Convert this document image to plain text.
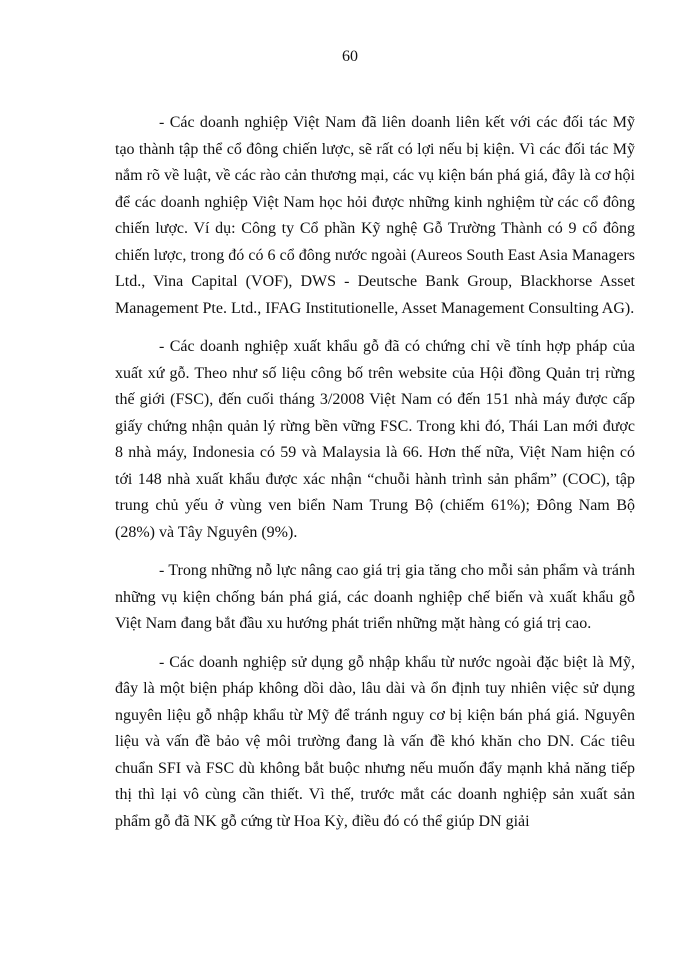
60

- Các doanh nghiệp Việt Nam đã liên doanh liên kết với các đối tác Mỹ tạo thành tập thể cổ đông chiến lược, sẽ rất có lợi nếu bị kiện. Vì các đối tác Mỹ nắm rõ về luật, về các rào cản thương mại, các vụ kiện bán phá giá, đây là cơ hội để các doanh nghiệp Việt Nam học hỏi được những kinh nghiệm từ các cổ đông chiến lược. Ví dụ: Công ty Cổ phần Kỹ nghệ Gỗ Trường Thành có 9 cổ đông chiến lược, trong đó có 6 cổ đông nước ngoài (Aureos South East Asia Managers Ltd., Vina Capital (VOF), DWS - Deutsche Bank Group, Blackhorse Asset Management Pte. Ltd., IFAG Institutionelle, Asset Management Consulting AG).

- Các doanh nghiệp xuất khẩu gỗ đã có chứng chỉ về tính hợp pháp của xuất xứ gỗ. Theo như số liệu công bố trên website của Hội đồng Quản trị rừng thế giới (FSC), đến cuối tháng 3/2008 Việt Nam có đến 151 nhà máy được cấp giấy chứng nhận quản lý rừng bền vững FSC. Trong khi đó, Thái Lan mới được 8 nhà máy, Indonesia có 59 và Malaysia là 66. Hơn thế nữa, Việt Nam hiện có tới 148 nhà xuất khẩu được xác nhận “chuỗi hành trình sản phẩm” (COC), tập trung chủ yếu ở vùng ven biển Nam Trung Bộ (chiếm 61%); Đông Nam Bộ (28%) và Tây Nguyên (9%).

- Trong những nỗ lực nâng cao giá trị gia tăng cho mỗi sản phẩm và tránh những vụ kiện chống bán phá giá, các doanh nghiệp chế biến và xuất khẩu gỗ Việt Nam đang bắt đầu xu hướng phát triển những mặt hàng có giá trị cao.

- Các doanh nghiệp sử dụng gỗ nhập khẩu từ nước ngoài đặc biệt là Mỹ, đây là một biện pháp không dồi dào, lâu dài và ổn định tuy nhiên việc sử dụng nguyên liệu gỗ nhập khẩu từ Mỹ để tránh nguy cơ bị kiện bán phá giá. Nguyên liệu và vấn đề bảo vệ môi trường đang là vấn đề khó khăn cho DN. Các tiêu chuẩn SFI và FSC dù không bắt buộc nhưng nếu muốn đẩy mạnh khả năng tiếp thị thì lại vô cùng cần thiết. Vì thế, trước mắt các doanh nghiệp sản xuất sản phẩm gỗ đã NK gỗ cứng từ Hoa Kỳ, điều đó có thể giúp DN giải
